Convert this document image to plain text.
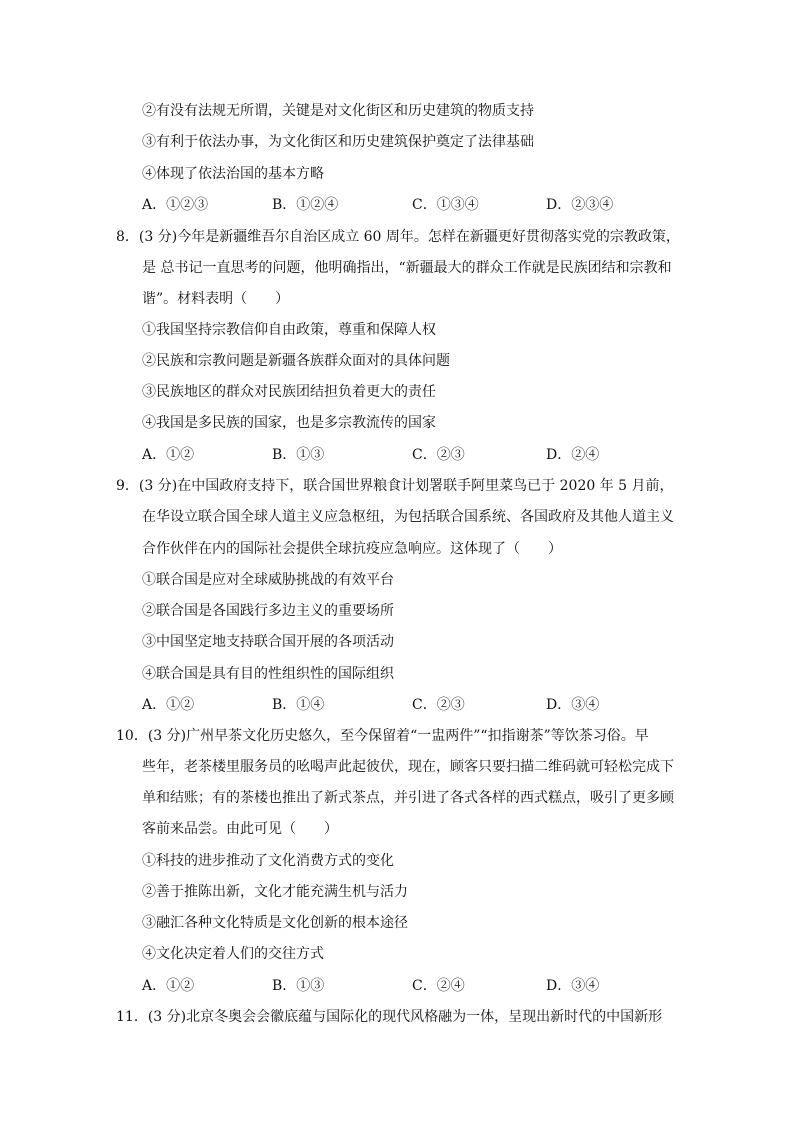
②有没有法规无所谓，关键是对文化街区和历史建筑的物质支持
③有利于依法办事，为文化街区和历史建筑保护奠定了法律基础
④体现了依法治国的基本方略
A．①②③	B．①②④	C．①③④	D．②③④
8．(3 分)今年是新疆维吾尔自治区成立 60 周年。怎样在新疆更好贯彻落实党的宗教政策，
是 总书记一直思考的问题，他明确指出，“新疆最大的群众工作就是民族团结和宗教和
谐”。材料表明（　　）
①我国坚持宗教信仰自由政策，尊重和保障人权
②民族和宗教问题是新疆各族群众面对的具体问题
③民族地区的群众对民族团结担负着更大的责任
④我国是多民族的国家，也是多宗教流传的国家
A．①②	B．①③	C．②③	D．②④
9．(3 分)在中国政府支持下，联合国世界粮食计划署联手阿里菜鸟已于 2020 年 5 月前，
在华设立联合国全球人道主义应急枢纽，为包括联合国系统、各国政府及其他人道主义
合作伙伴在内的国际社会提供全球抗疫应急响应。这体现了（　　）
①联合国是应对全球威胁挑战的有效平台
②联合国是各国践行多边主义的重要场所
③中国坚定地支持联合国开展的各项活动
④联合国是具有目的性组织性的国际组织
A．①②	B．①④	C．②③	D．③④
10．(3 分)广州早茶文化历史悠久，至今保留着“一盅两件”“扣指谢茶”等饮茶习俗。早
些年，老茶楼里服务员的吆喝声此起彼伏，现在，顾客只要扫描二维码就可轻松完成下
单和结账；有的茶楼也推出了新式茶点，并引进了各式各样的西式糕点，吸引了更多顾
客前来品尝。由此可见（　　）
①科技的进步推动了文化消费方式的变化
②善于推陈出新，文化才能充满生机与活力
③融汇各种文化特质是文化创新的根本途径
④文化决定着人们的交往方式
A．①②	B．①③	C．②④	D．③④
11．(3 分)北京冬奥会会徽底蕴与国际化的现代风格融为一体，呈现出新时代的中国新形
